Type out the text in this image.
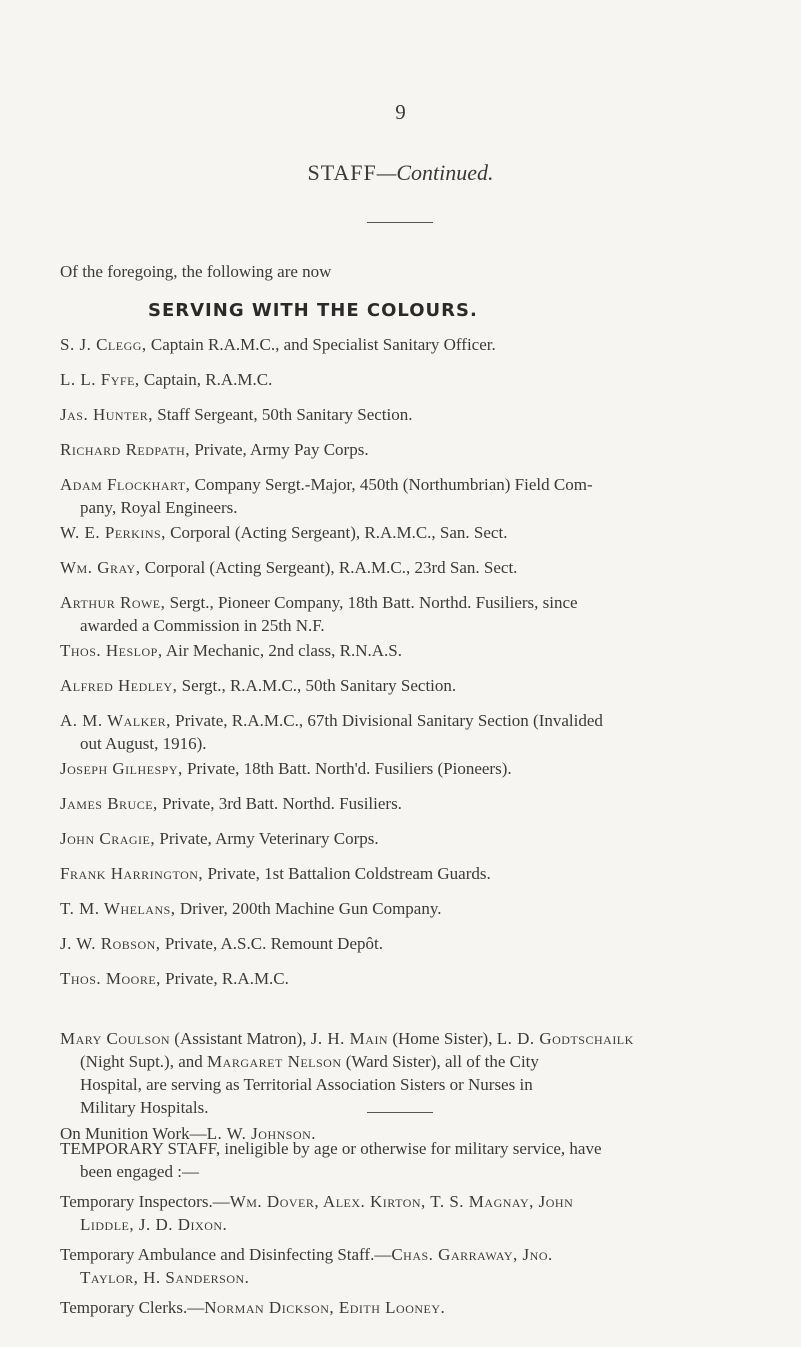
9
STAFF—Continued.
Of the foregoing, the following are now
SERVING WITH THE COLOURS.
S. J. Clegg, Captain R.A.M.C., and Specialist Sanitary Officer.
L. L. Fyfe, Captain, R.A.M.C.
Jas. Hunter, Staff Sergeant, 50th Sanitary Section.
Richard Redpath, Private, Army Pay Corps.
Adam Flockhart, Company Sergt.-Major, 450th (Northumbrian) Field Com-
pany, Royal Engineers.
W. E. Perkins, Corporal (Acting Sergeant), R.A.M.C., San. Sect.
Wm. Gray, Corporal (Acting Sergeant), R.A.M.C., 23rd San. Sect.
Arthur Rowe, Sergt., Pioneer Company, 18th Batt. Northd. Fusiliers, since
awarded a Commission in 25th N.F.
Thos. Heslop, Air Mechanic, 2nd class, R.N.A.S.
Alfred Hedley, Sergt., R.A.M.C., 50th Sanitary Section.
A. M. Walker, Private, R.A.M.C., 67th Divisional Sanitary Section (Invalided
out August, 1916).
Joseph Gilhespy, Private, 18th Batt. North'd. Fusiliers (Pioneers).
James Bruce, Private, 3rd Batt. Northd. Fusiliers.
John Cragie, Private, Army Veterinary Corps.
Frank Harrington, Private, 1st Battalion Coldstream Guards.
T. M. Whelans, Driver, 200th Machine Gun Company.
J. W. Robson, Private, A.S.C. Remount Depôt.
Thos. Moore, Private, R.A.M.C.
Mary Coulson (Assistant Matron), J. H. Main (Home Sister), L. D. Godtschailk
(Night Supt.), and Margaret Nelson (Ward Sister), all of the City
Hospital, are serving as Territorial Association Sisters or Nurses in
Military Hospitals.
On Munition Work—L. W. Johnson.
TEMPORARY STAFF, ineligible by age or otherwise for military service, have
been engaged :—
Temporary Inspectors.—Wm. Dover, Alex. Kirton, T. S. Magnay, John
Liddle, J. D. Dixon.
Temporary Ambulance and Disinfecting Staff.—Chas. Garraway, Jno.
Taylor, H. Sanderson.
Temporary Clerks.—Norman Dickson, Edith Looney.
